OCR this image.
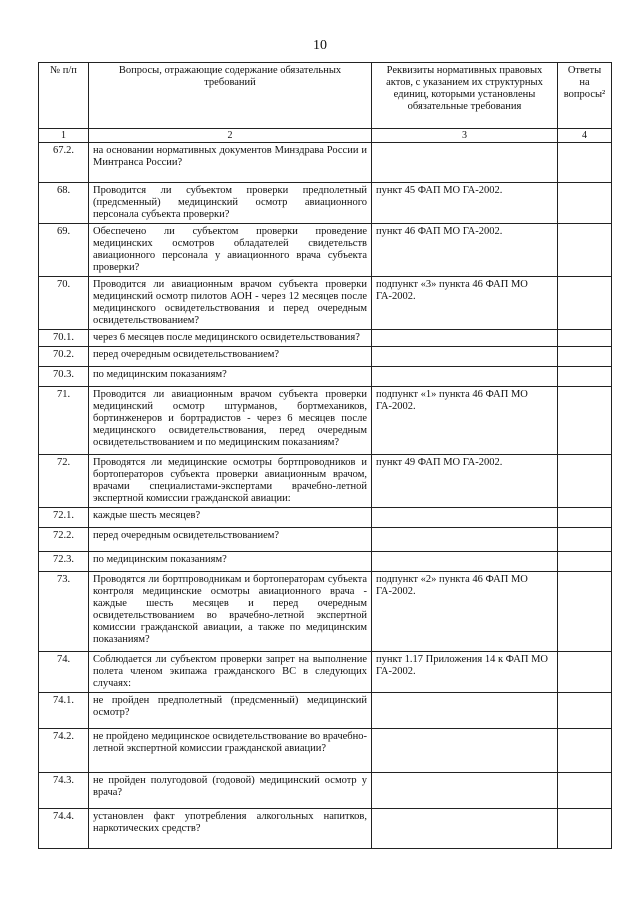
10
№ п/п	Вопросы, отражающие содержание обязательных требований	Реквизиты нормативных правовых актов, с указанием их структурных единиц, которыми установлены обязательные требования	Ответы на вопросы²
1	2	3	4
67.2.	на основании нормативных документов Минздрава России и Минтранса России?		
68.	Проводится ли субъектом проверки предполетный (предсменный) медицинский осмотр авиационного персонала субъекта проверки?	пункт 45 ФАП МО ГА-2002.	
69.	Обеспечено ли субъектом проверки проведение медицинских осмотров обладателей свидетельств авиационного персонала у авиационного врача субъекта проверки?	пункт 46 ФАП МО ГА-2002.	
70.	Проводится ли авиационным врачом субъекта проверки медицинский осмотр пилотов АОН - через 12 месяцев после медицинского освидетельствования и перед очередным освидетельствованием?	подпункт «3» пункта 46 ФАП МО ГА-2002.	
70.1.	через 6 месяцев после медицинского освидетельствования?		
70.2.	перед очередным освидетельствованием?		
70.3.	по медицинским показаниям?		
71.	Проводится ли авиационным врачом субъекта проверки медицинский осмотр штурманов, бортмехаников, бортинженеров и бортрадистов - через 6 месяцев после медицинского освидетельствования, перед очередным освидетельствованием и по медицинским показаниям?	подпункт «1» пункта 46 ФАП МО ГА-2002.	
72.	Проводятся ли медицинские осмотры бортпроводников и бортоператоров субъекта проверки авиационным врачом, врачами специалистами-экспертами врачебно-летной экспертной комиссии гражданской авиации:	пункт 49 ФАП МО ГА-2002.	
72.1.	каждые шесть месяцев?		
72.2.	перед очередным освидетельствованием?		
72.3.	по медицинским показаниям?		
73.	Проводятся ли бортпроводникам и бортоператорам субъекта контроля медицинские осмотры авиационного врача - каждые шесть месяцев и перед очередным освидетельствованием во врачебно-летной экспертной комиссии гражданской авиации, а также по медицинским показаниям?	подпункт «2» пункта 46 ФАП МО ГА-2002.	
74.	Соблюдается ли субъектом проверки запрет на выполнение полета членом экипажа гражданского ВС в следующих случаях:	пункт 1.17 Приложения 14 к ФАП МО ГА-2002.	
74.1.	не пройден предполетный (предсменный) медицинский осмотр?		
74.2.	не пройдено медицинское освидетельствование во врачебно-летной экспертной комиссии гражданской авиации?		
74.3.	не пройден полугодовой (годовой) медицинский осмотр у врача?		
74.4.	установлен факт употребления алкогольных напитков, наркотических средств?		
